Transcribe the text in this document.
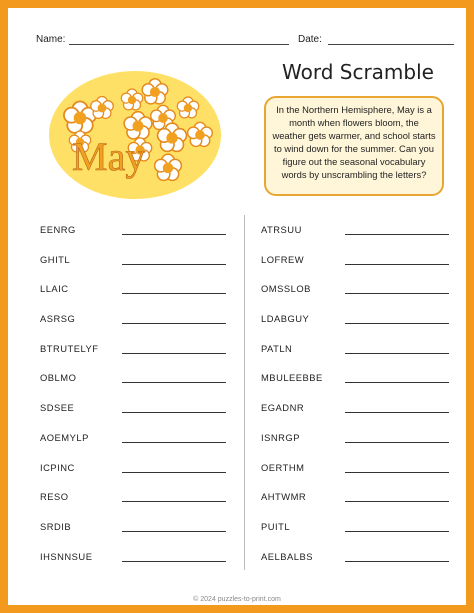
Name:	Date:
May
Word Scramble
In the Northern Hemisphere, May is a month when flowers bloom, the weather gets warmer, and school starts to wind down for the summer. Can you figure out the seasonal vocabulary words by unscrambling the letters?
EENRG
GHITL
LLAIC
ASRSG
BTRUTELYF
OBLMO
SDSEE
AOEMYLP
ICPINC
RESO
SRDIB
IHSNNSUE
ATRSUU
LOFREW
OMSSLOB
LDABGUY
PATLN
MBULEEBBE
EGADNR
ISNRGP
OERTHM
AHTWMR
PUITL
AELBALBS
© 2024 puzzles-to-print.com
